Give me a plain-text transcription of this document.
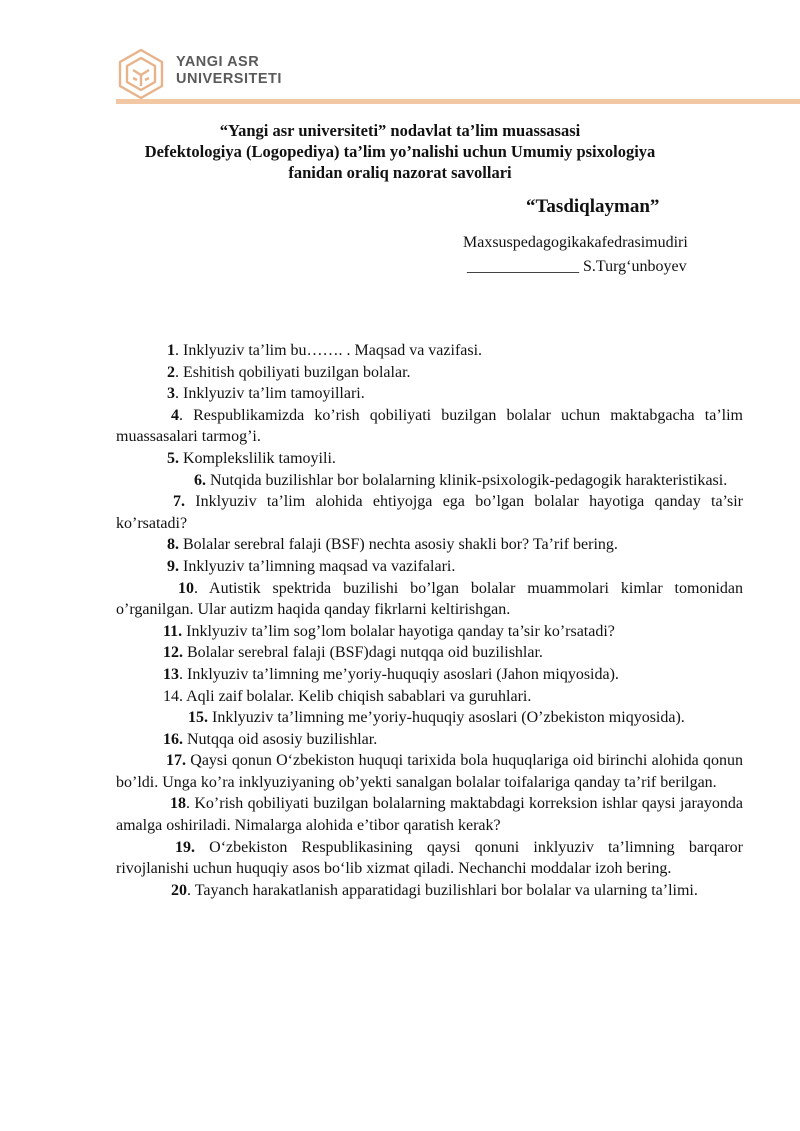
YANGI ASR
UNIVERSITETI
“Yangi asr universiteti” nodavlat ta’lim muassasasi
Defektologiya (Logopediya) ta’lim yo’nalishi uchun Umumiy psixologiya
fanidan oraliq nazorat savollari
“Tasdiqlayman”
Maxsuspedagogikakafedrasimudiri
______________ S.Turg‘unboyev

1. Inklyuziv ta’lim bu……. . Maqsad va vazifasi.

2. Eshitish qobiliyati buzilgan bolalar.

3. Inklyuziv ta’lim tamoyillari.

4. Respublikamizda ko’rish qobiliyati buzilgan bolalar uchun maktabgacha ta’lim muassasalari tarmog’i.

5. Komplekslilik tamoyili.

6. Nutqida buzilishlar bor bolalarning klinik-psixologik-pedagogik harakteristikasi.

7. Inklyuziv ta’lim alohida ehtiyojga ega bo’lgan bolalar hayotiga qanday ta’sir ko’rsatadi?

8. Bolalar serebral falaji (BSF) nechta asosiy shakli bor? Ta’rif bering.

9. Inklyuziv ta’limning maqsad va vazifalari.

10. Autistik spektrida buzilishi bo’lgan bolalar muammolari kimlar tomonidan o’rganilgan. Ular autizm haqida qanday fikrlarni keltirishgan.

11. Inklyuziv ta’lim sog’lom bolalar hayotiga qanday ta’sir ko’rsatadi?

12. Bolalar serebral falaji (BSF)dagi nutqqa oid buzilishlar.

13. Inklyuziv ta’limning me’yoriy-huquqiy asoslari (Jahon miqyosida).

14. Aqli zaif bolalar. Kelib chiqish sabablari va guruhlari.

15. Inklyuziv ta’limning me’yoriy-huquqiy asoslari (O’zbekiston miqyosida).

16. Nutqqa oid asosiy buzilishlar.

17. Qaysi qonun O‘zbekiston huquqi tarixida bola huquqlariga oid birinchi alohida qonun bo’ldi. Unga ko’ra inklyuziyaning ob’yekti sanalgan bolalar toifalariga qanday ta’rif berilgan.

18. Ko’rish qobiliyati buzilgan bolalarning maktabdagi korreksion ishlar qaysi jarayonda amalga oshiriladi. Nimalarga alohida e’tibor qaratish kerak?

19. O‘zbekiston Respublikasining qaysi qonuni inklyuziv ta’limning barqaror rivojlanishi uchun huquqiy asos bo‘lib xizmat qiladi. Nechanchi moddalar izoh bering.

20. Tayanch harakatlanish apparatidagi buzilishlari bor bolalar va ularning ta’limi.
